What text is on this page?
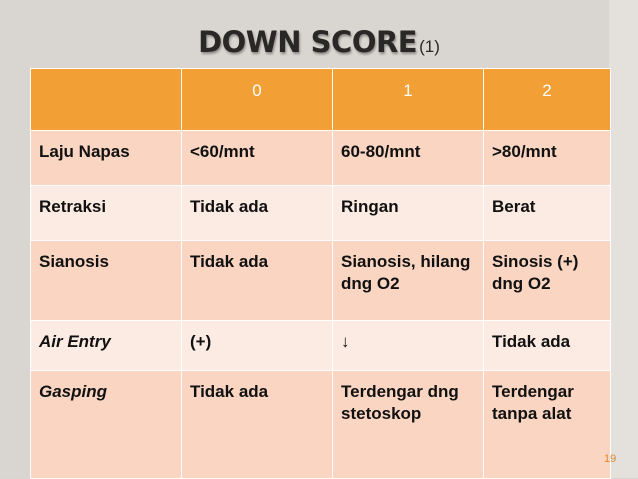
DOWN SCORE (1)
	0	1	2
Laju Napas	<60/mnt	60-80/mnt	>80/mnt
Retraksi	Tidak ada	Ringan	Berat
Sianosis	Tidak ada	Sianosis, hilang dng O2	Sinosis (+) dng O2
Air Entry	(+)	↓	Tidak ada
Gasping	Tidak ada	Terdengar dng stetoskop	Terdengar tanpa alat
19
